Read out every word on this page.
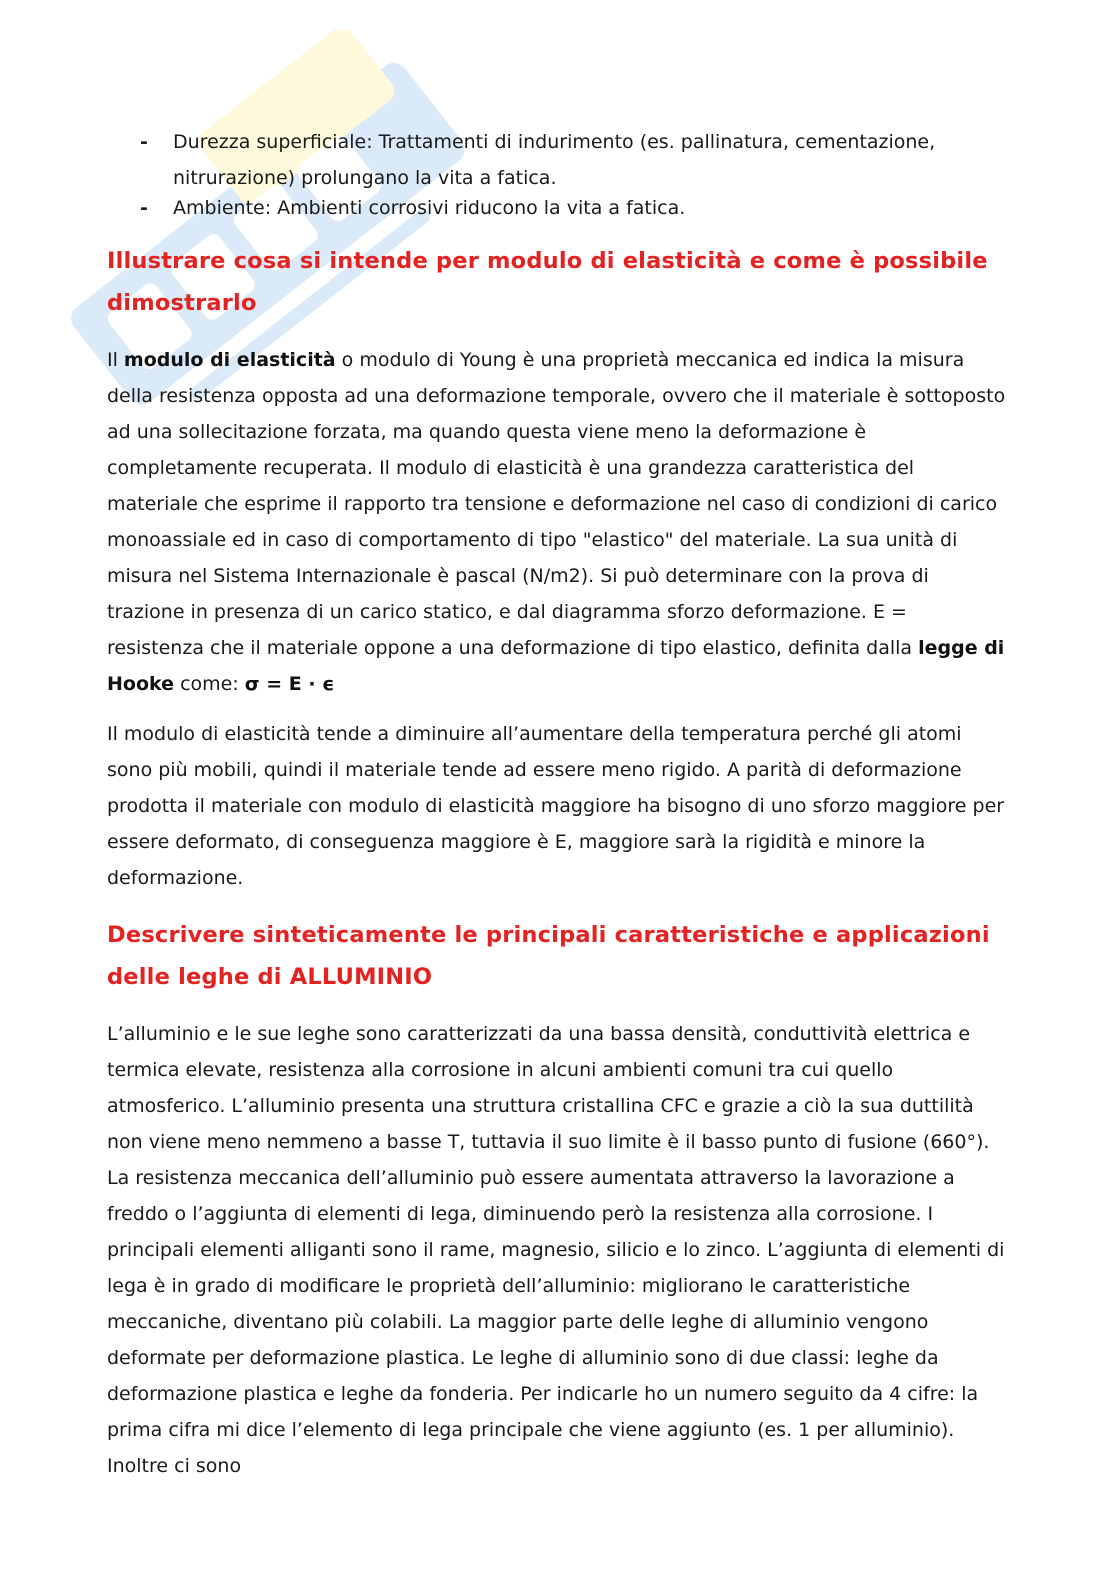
- Durezza superficiale: Trattamenti di indurimento (es. pallinatura, cementazione, nitrurazione) prolungano la vita a fatica.
- Ambiente: Ambienti corrosivi riducono la vita a fatica.
Illustrare cosa si intende per modulo di elasticità e come è possibile dimostrarlo

Il modulo di elasticità o modulo di Young è una proprietà meccanica ed indica la misura della resistenza opposta ad una deformazione temporale, ovvero che il materiale è sottoposto ad una sollecitazione forzata, ma quando questa viene meno la deformazione è completamente recuperata. Il modulo di elasticità è una grandezza caratteristica del materiale che esprime il rapporto tra tensione e deformazione nel caso di condizioni di carico monoassiale ed in caso di comportamento di tipo "elastico" del materiale. La sua unità di misura nel Sistema Internazionale è pascal (N/m2). Si può determinare con la prova di trazione in presenza di un carico statico, e dal diagramma sforzo deformazione. E = resistenza che il materiale oppone a una deformazione di tipo elastico, definita dalla legge di Hooke come: σ = E · ϵ

Il modulo di elasticità tende a diminuire all’aumentare della temperatura perché gli atomi sono più mobili, quindi il materiale tende ad essere meno rigido. A parità di deformazione prodotta il materiale con modulo di elasticità maggiore ha bisogno di uno sforzo maggiore per essere deformato, di conseguenza maggiore è E, maggiore sarà la rigidità e minore la deformazione.

Descrivere sinteticamente le principali caratteristiche e applicazioni delle leghe di ALLUMINIO

L’alluminio e le sue leghe sono caratterizzati da una bassa densità, conduttività elettrica e termica elevate, resistenza alla corrosione in alcuni ambienti comuni tra cui quello atmosferico. L’alluminio presenta una struttura cristallina CFC e grazie a ciò la sua duttilità non viene meno nemmeno a basse T, tuttavia il suo limite è il basso punto di fusione (660°). La resistenza meccanica dell’alluminio può essere aumentata attraverso la lavorazione a freddo o l’aggiunta di elementi di lega, diminuendo però la resistenza alla corrosione. I principali elementi alliganti sono il rame, magnesio, silicio e lo zinco. L’aggiunta di elementi di lega è in grado di modificare le proprietà dell’alluminio: migliorano le caratteristiche meccaniche, diventano più colabili. La maggior parte delle leghe di alluminio vengono deformate per deformazione plastica. Le leghe di alluminio sono di due classi: leghe da deformazione plastica e leghe da fonderia. Per indicarle ho un numero seguito da 4 cifre: la prima cifra mi dice l’elemento di lega principale che viene aggiunto (es. 1 per alluminio). Inoltre ci sono
